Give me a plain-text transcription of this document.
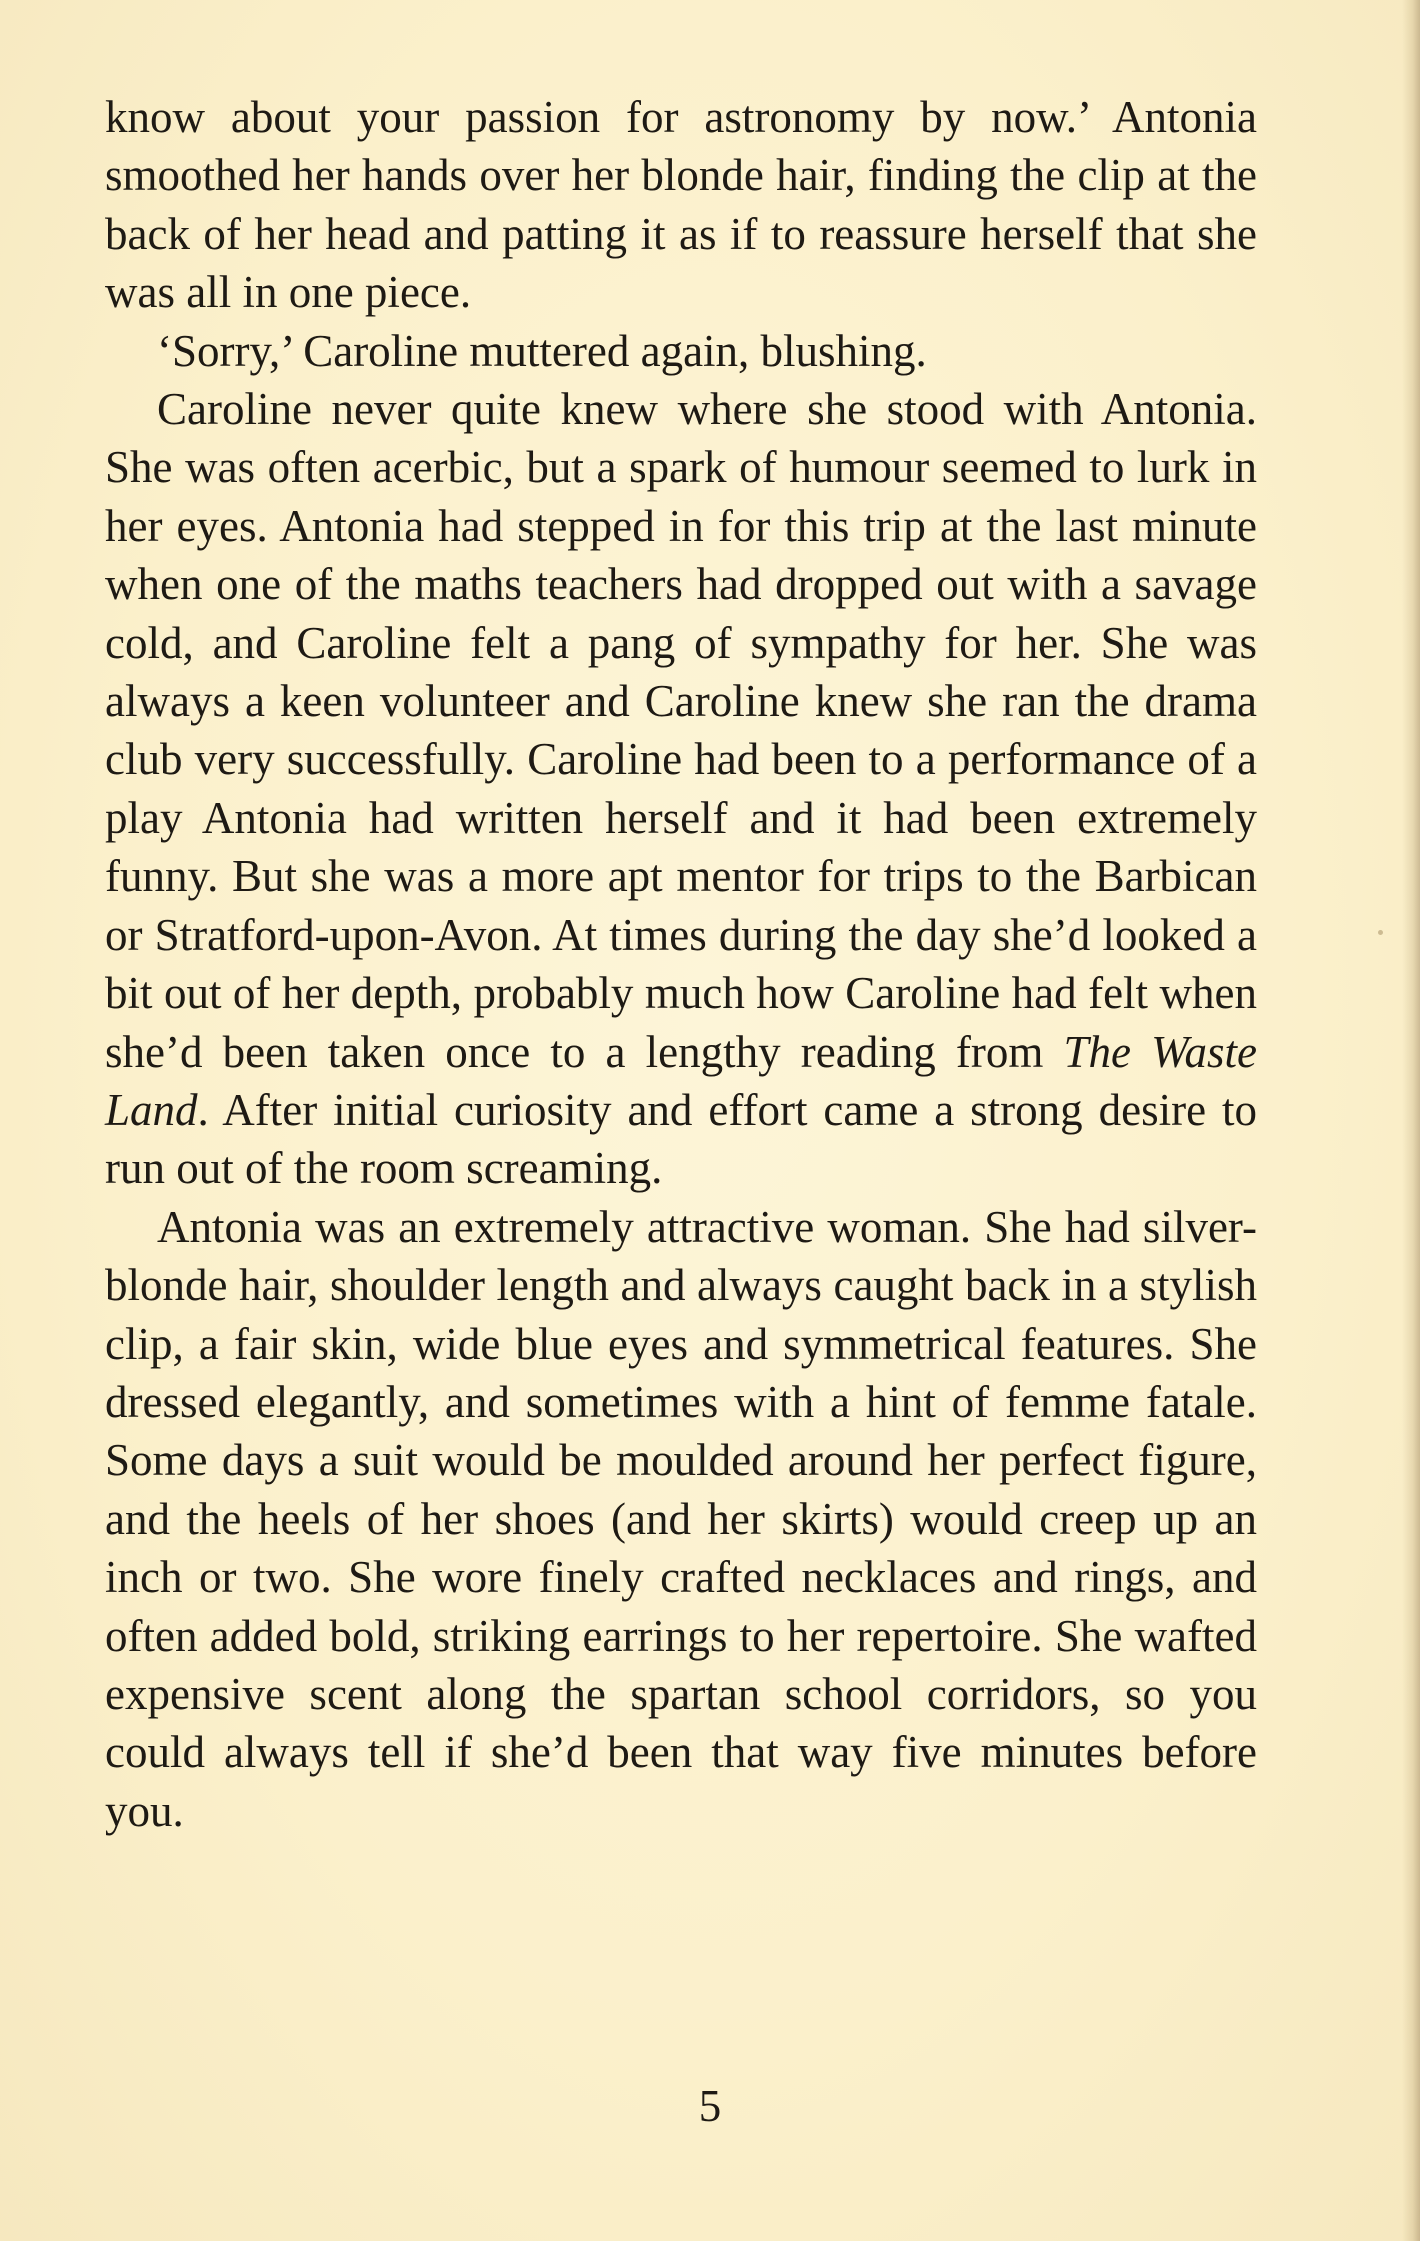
know about your passion for astronomy by now.’ Antonia smoothed her hands over her blonde hair, finding the clip at the back of her head and patting it as if to reassure herself that she was all in one piece.

‘Sorry,’ Caroline muttered again, blushing.

Caroline never quite knew where she stood with Antonia. She was often acerbic, but a spark of humour seemed to lurk in her eyes. Antonia had stepped in for this trip at the last minute when one of the maths teachers had dropped out with a savage cold, and Caroline felt a pang of sympathy for her. She was always a keen volunteer and Caroline knew she ran the drama club very successfully. Caroline had been to a performance of a play Antonia had written herself and it had been extremely funny. But she was a more apt mentor for trips to the Barbican or Stratford-upon-Avon. At times during the day she’d looked a bit out of her depth, probably much how Caroline had felt when she’d been taken once to a lengthy reading from The Waste Land. After initial curiosity and effort came a strong desire to run out of the room screaming.

Antonia was an extremely attractive woman. She had silver-blonde hair, shoulder length and always caught back in a stylish clip, a fair skin, wide blue eyes and symmetrical features. She dressed elegantly, and sometimes with a hint of femme fatale. Some days a suit would be moulded around her perfect figure, and the heels of her shoes (and her skirts) would creep up an inch or two. She wore finely crafted necklaces and rings, and often added bold, striking earrings to her repertoire. She wafted expensive scent along the spartan school corridors, so you could always tell if she’d been that way five minutes before you.

5
